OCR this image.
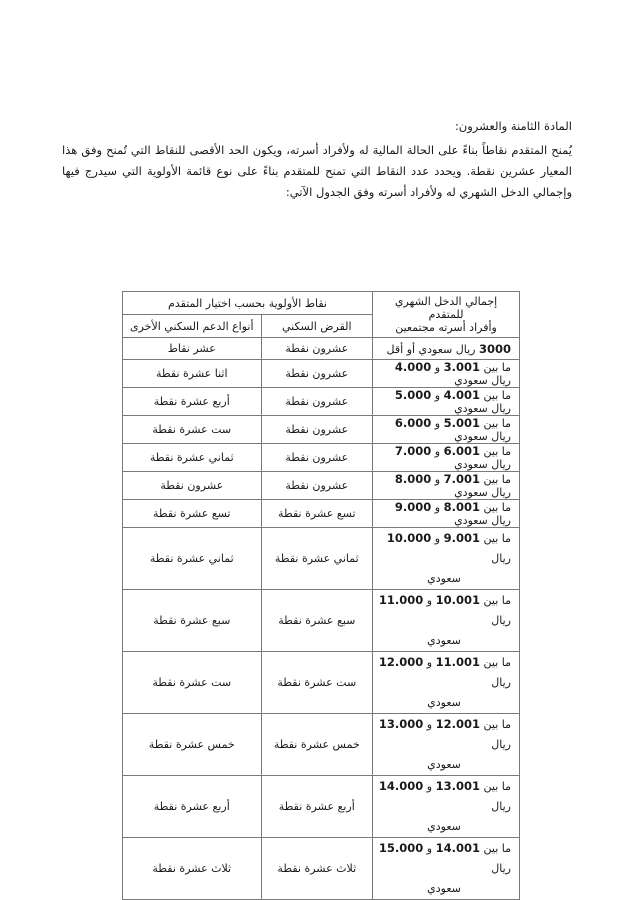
المادة الثامنة والعشرون:
يُمنح المتقدم نقاطاً بناءً على الحالة المالية له ولأفراد أسرته، ويكون الحد الأقصى للنقاط التي تُمنح وفق هذا المعيار عشرين نقطة. ويحدد عدد النقاط التي تمنح للمتقدم بناءً على نوع قائمة الأولوية التي سيدرج فيها وإجمالي الدخل الشهري له ولأفراد أسرته وفق الجدول الآتي:
إجمالي الدخل الشهري للمتقدم
وأفراد أسرته مجتمعين	نقاط الأولوية بحسب اختيار المتقدم	
	القرض السكني	أنواع الدعم السكني الأخرى
3000 ريال سعودي أو أقل	عشرون نقطة	عشر نقاط
ما بين 3.001 و 4.000 ريال سعودي	عشرون نقطة	اثنا عشرة نقطة
ما بين 4.001 و 5.000 ريال سعودي	عشرون نقطة	أربع عشرة نقطة
ما بين 5.001 و 6.000 ريال سعودي	عشرون نقطة	ست عشرة نقطة
ما بين 6.001 و 7.000 ريال سعودي	عشرون نقطة	ثماني عشرة نقطة
ما بين 7.001 و 8.000 ريال سعودي	عشرون نقطة	عشرون نقطة
ما بين 8.001 و 9.000 ريال سعودي	تسع عشرة نقطة	تسع عشرة نقطة
ما بين 9.001 و 10.000 ريال
سعودي	ثماني عشرة نقطة	ثماني عشرة نقطة
ما بين 10.001 و 11.000 ريال
سعودي	سبع عشرة نقطة	سبع عشرة نقطة
ما بين 11.001 و 12.000 ريال
سعودي	ست عشرة نقطة	ست عشرة نقطة
ما بين 12.001 و 13.000 ريال
سعودي	خمس عشرة نقطة	خمس عشرة نقطة
ما بين 13.001 و 14.000 ريال
سعودي	أربع عشرة نقطة	أربع عشرة نقطة
ما بين 14.001 و 15.000 ريال
سعودي	ثلاث عشرة نقطة	ثلاث عشرة نقطة
